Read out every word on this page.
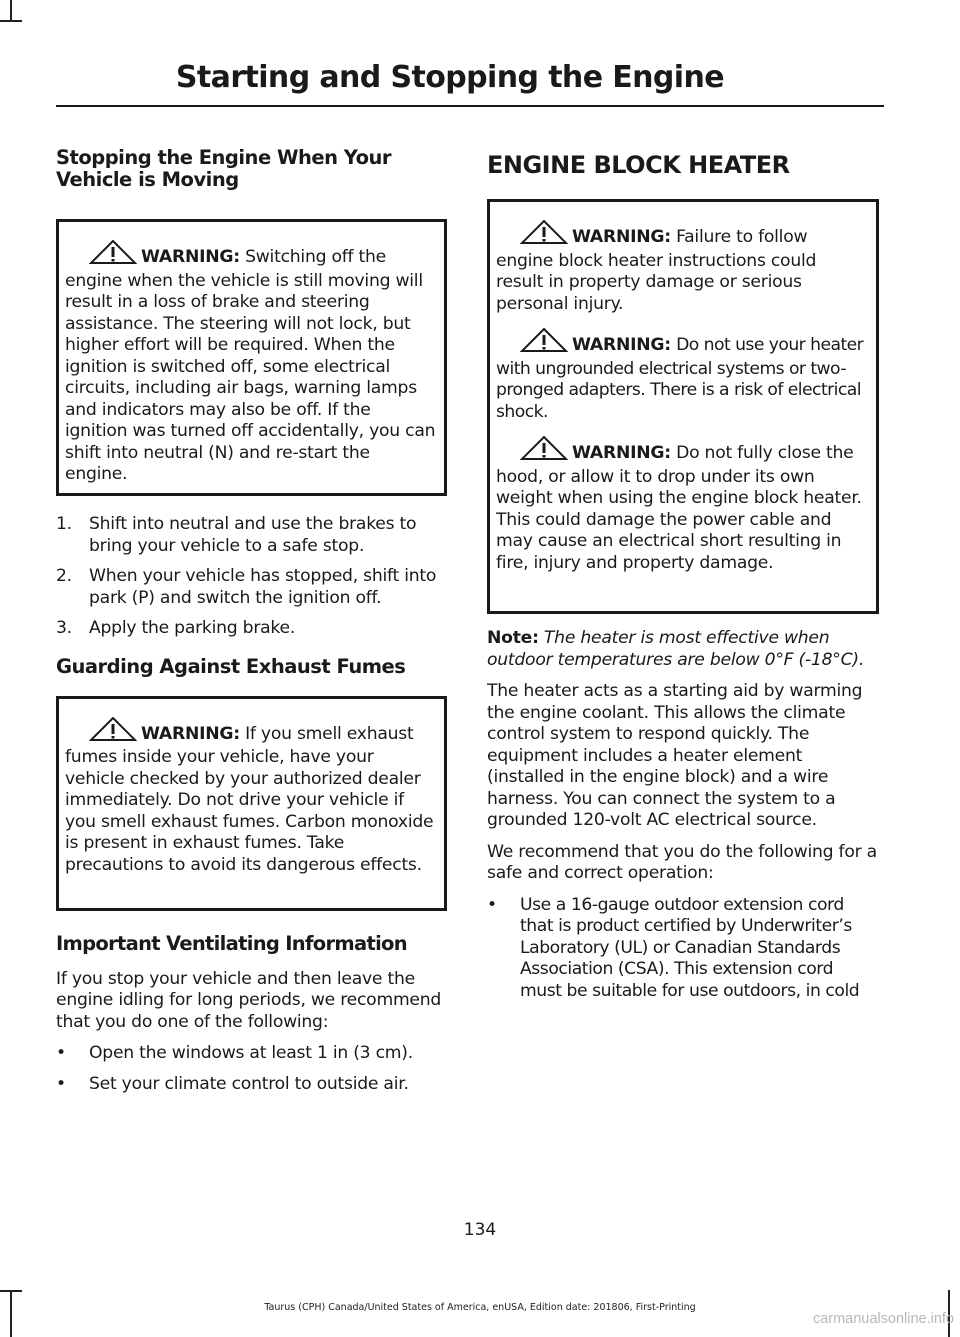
Starting and Stopping the Engine
Stopping the Engine When Your Vehicle is Moving
WARNING: Switching off the engine when the vehicle is still moving will result in a loss of brake and steering assistance. The steering will not lock, but higher effort will be required. When the ignition is switched off, some electrical circuits, including air bags, warning lamps and indicators may also be off. If the ignition was turned off accidentally, you can shift into neutral (N) and re-start the engine.
1. Shift into neutral and use the brakes to bring your vehicle to a safe stop.
2. When your vehicle has stopped, shift into park (P) and switch the ignition off.
3. Apply the parking brake.
Guarding Against Exhaust Fumes
WARNING: If you smell exhaust fumes inside your vehicle, have your vehicle checked by your authorized dealer immediately. Do not drive your vehicle if you smell exhaust fumes. Carbon monoxide is present in exhaust fumes. Take precautions to avoid its dangerous effects.
Important Ventilating Information

If you stop your vehicle and then leave the engine idling for long periods, we recommend that you do one of the following:

• Open the windows at least 1 in (3 cm).
• Set your climate control to outside air.
ENGINE BLOCK HEATER
WARNING: Failure to follow engine block heater instructions could result in property damage or serious personal injury.
WARNING: Do not use your heater with ungrounded electrical systems or two-pronged adapters. There is a risk of electrical shock.
WARNING: Do not fully close the hood, or allow it to drop under its own weight when using the engine block heater. This could damage the power cable and may cause an electrical short resulting in fire, injury and property damage.

Note: The heater is most effective when outdoor temperatures are below 0°F (-18°C).

The heater acts as a starting aid by warming the engine coolant. This allows the climate control system to respond quickly. The equipment includes a heater element (installed in the engine block) and a wire harness. You can connect the system to a grounded 120-volt AC electrical source.

We recommend that you do the following for a safe and correct operation:

• Use a 16-gauge outdoor extension cord that is product certified by Underwriter’s Laboratory (UL) or Canadian Standards Association (CSA). This extension cord must be suitable for use outdoors, in cold
134
Taurus (CPH) Canada/United States of America, enUSA, Edition date: 201806, First-Printing
carmanualsonline.info
